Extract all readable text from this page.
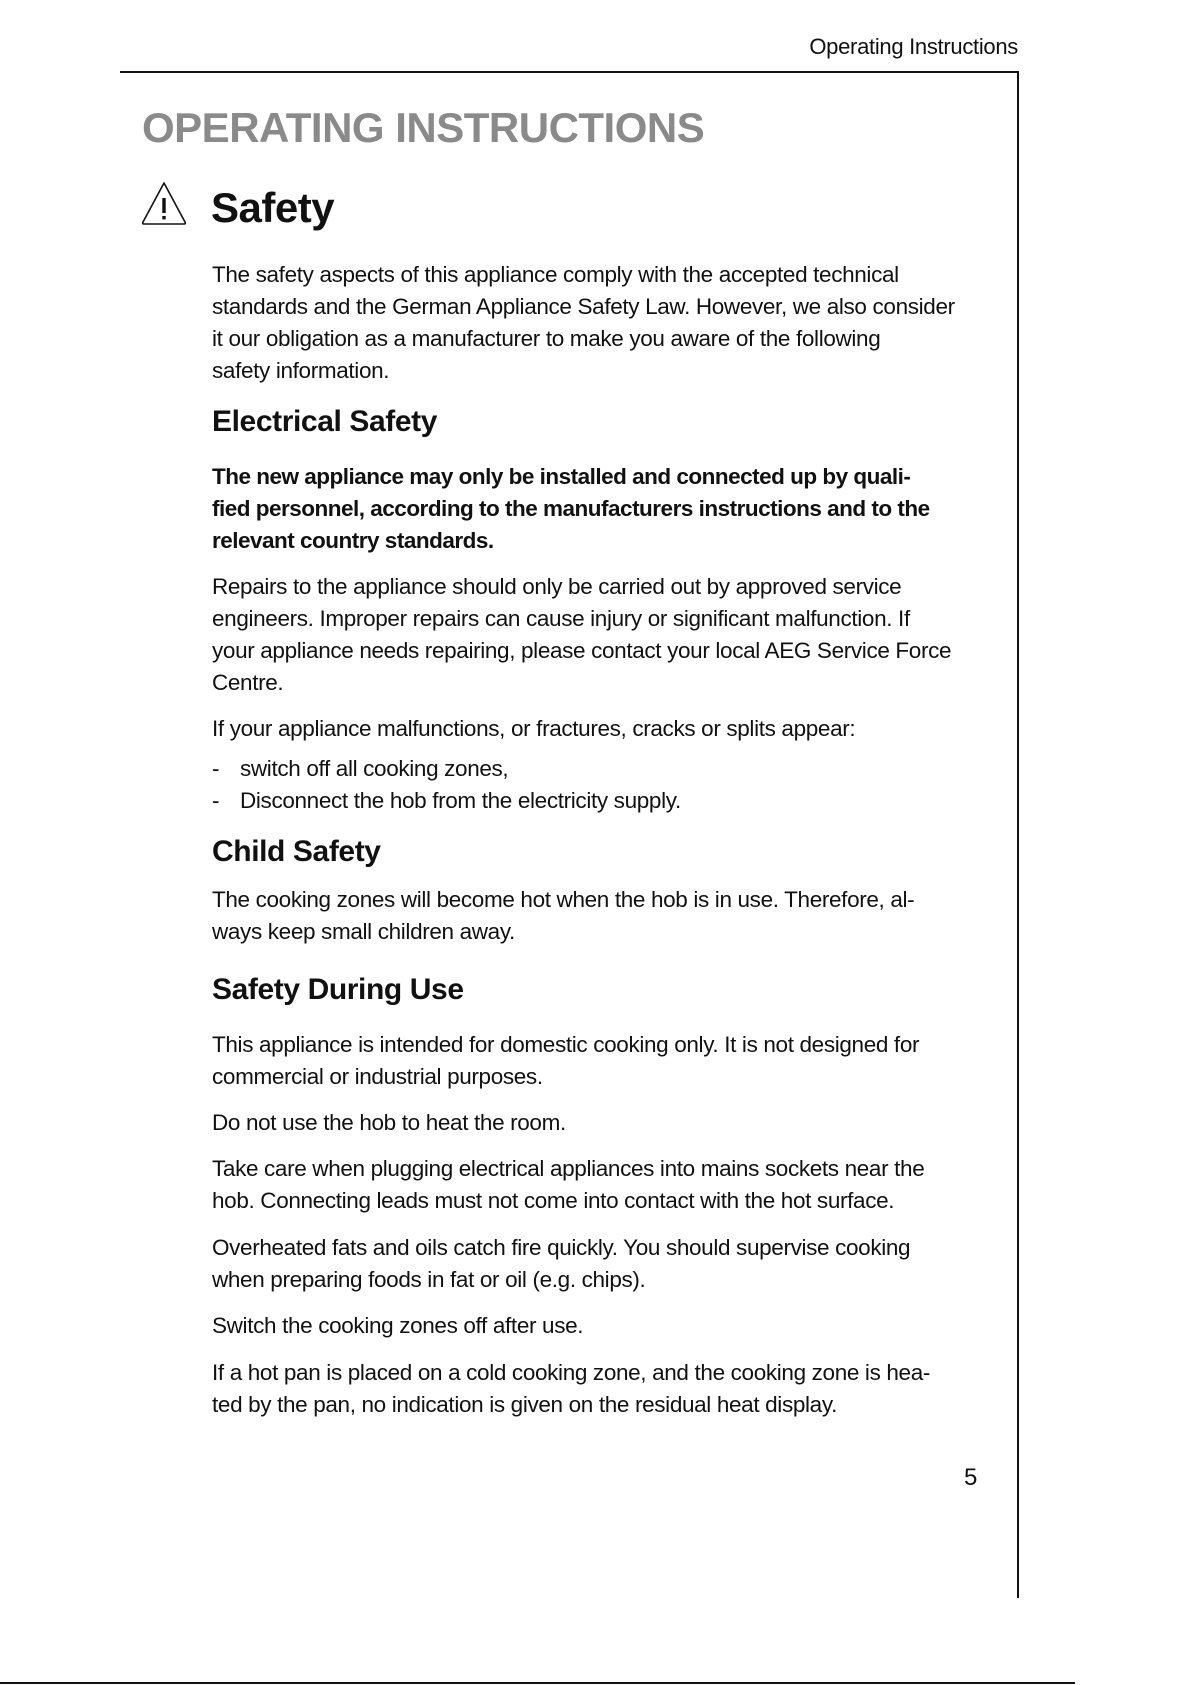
Operating Instructions
OPERATING INSTRUCTIONS
Safety
The safety aspects of this appliance comply with the accepted technical
standards and the German Appliance Safety Law. However, we also consider
it our obligation as a manufacturer to make you aware of the following
safety information.
Electrical Safety
The new appliance may only be installed and connected up by quali-
fied personnel, according to the manufacturers instructions and to the
relevant country standards.
Repairs to the appliance should only be carried out by approved service
engineers. Improper repairs can cause injury or significant malfunction. If
your appliance needs repairing, please contact your local AEG Service Force
Centre.
If your appliance malfunctions, or fractures, cracks or splits appear:
- switch off all cooking zones,
- Disconnect the hob from the electricity supply.
Child Safety
The cooking zones will become hot when the hob is in use. Therefore, al-
ways keep small children away.
Safety During Use
This appliance is intended for domestic cooking only. It is not designed for
commercial or industrial purposes.
Do not use the hob to heat the room.
Take care when plugging electrical appliances into mains sockets near the
hob. Connecting leads must not come into contact with the hot surface.
Overheated fats and oils catch fire quickly. You should supervise cooking
when preparing foods in fat or oil (e.g. chips).
Switch the cooking zones off after use.
If a hot pan is placed on a cold cooking zone, and the cooking zone is hea-
ted by the pan, no indication is given on the residual heat display.
5
